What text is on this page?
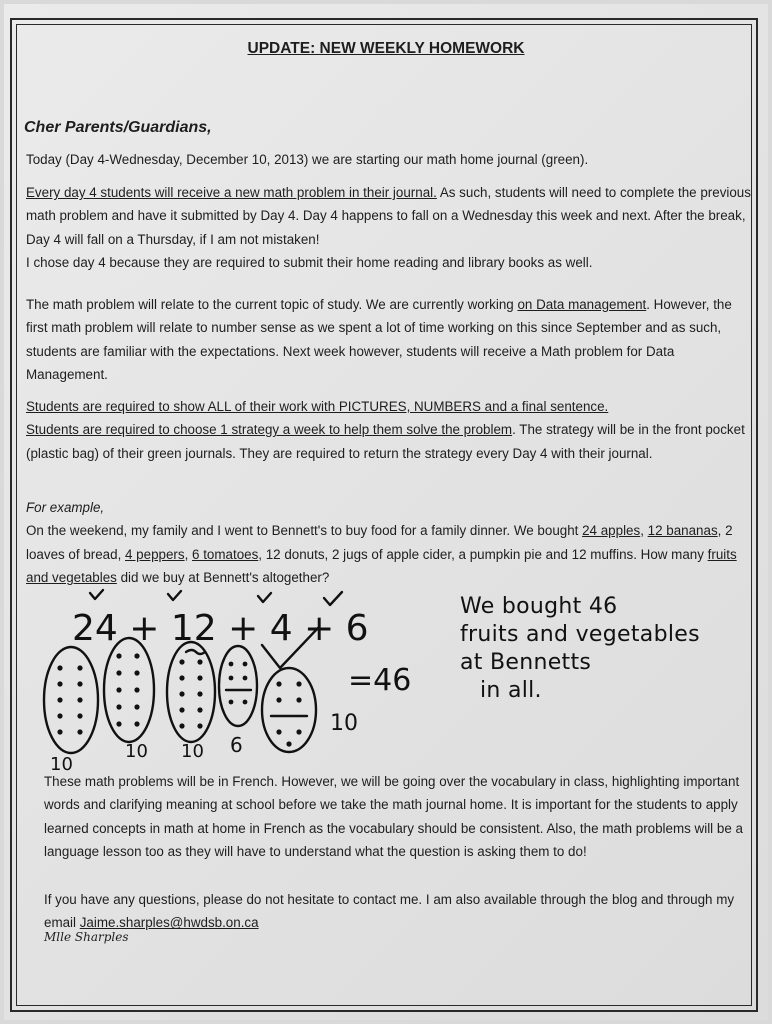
UPDATE: NEW WEEKLY HOMEWORK
Cher Parents/Guardians,
Today (Day 4-Wednesday, December 10, 2013) we are starting our math home journal (green).
Every day 4 students will receive a new math problem in their journal. As such, students will need to complete the previous math problem and have it submitted by Day 4. Day 4 happens to fall on a Wednesday this week and next. After the break, Day 4 will fall on a Thursday, if I am not mistaken!
I chose day 4 because they are required to submit their home reading and library books as well.
The math problem will relate to the current topic of study. We are currently working on Data management. However, the first math problem will relate to number sense as we spent a lot of time working on this since September and as such, students are familiar with the expectations. Next week however, students will receive a Math problem for Data Management.
Students are required to show ALL of their work with PICTURES, NUMBERS and a final sentence.
Students are required to choose 1 strategy a week to help them solve the problem. The strategy will be in the front pocket (plastic bag) of their green journals. They are required to return the strategy every Day 4 with their journal.
For example,
On the weekend, my family and I went to Bennett's to buy food for a family dinner. We bought 24 apples, 12 bananas, 2 loaves of bread, 4 peppers, 6 tomatoes, 12 donuts, 2 jugs of apple cider, a pumpkin pie and 12 muffins. How many fruits and vegetables did we buy at Bennett's altogether?
24 + 12 + 4 + 6
=46
10
10 10 6
10
We bought 46
fruits and vegetables
at Bennetts
in all.
These math problems will be in French. However, we will be going over the vocabulary in class, highlighting important words and clarifying meaning at school before we take the math journal home. It is important for the students to apply learned concepts in math at home in French as the vocabulary should be consistent. Also, the math problems will be a language lesson too as they will have to understand what the question is asking them to do!
If you have any questions, please do not hesitate to contact me. I am also available through the blog and through my email Jaime.sharples@hwdsb.on.ca
Mlle Sharples
